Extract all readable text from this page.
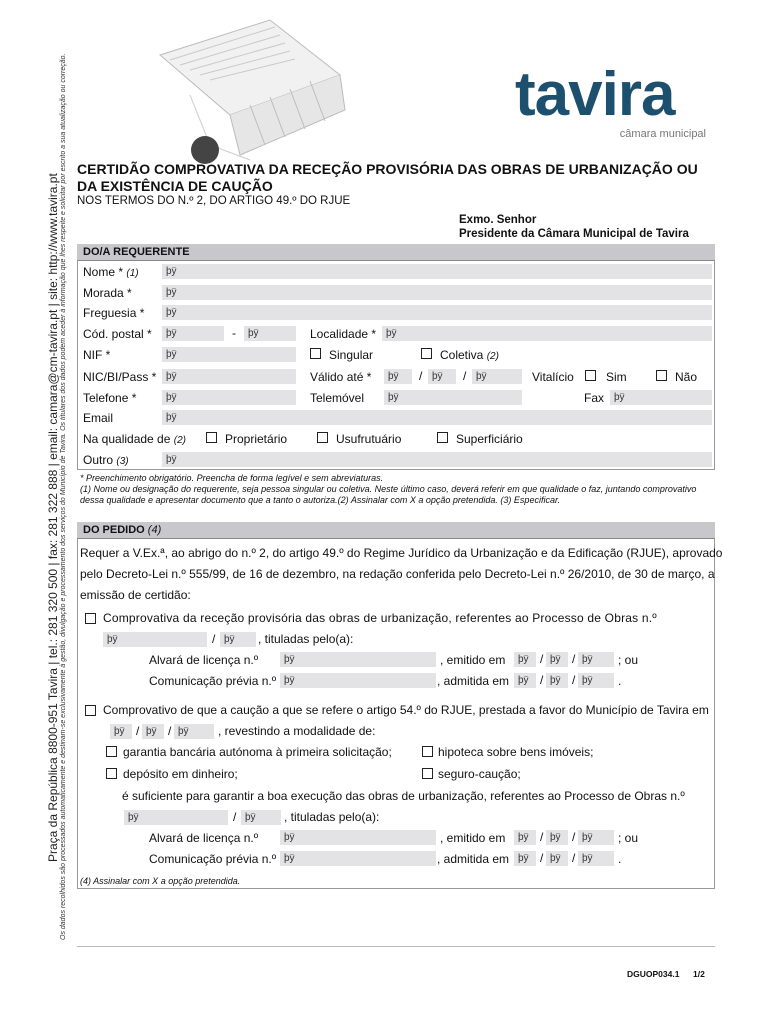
Praça da República 8800-951 Tavira | tel.: 281 320 500 | fax: 281 322 888 | email: camara@cm-tavira.pt | site: http://www.tavira.pt Os dados recolhidos são processados automaticamente e destinam-se exclusivamente à gestão, divulgação e processamento dos serviços do Município de Tavira. Os titulares dos dados podem aceder à informação que lhes respeite e solicitar por escrito a sua atualização ou correção.	tavira
câmara municipal
CERTIDÃO COMPROVATIVA DA RECEÇÃO PROVISÓRIA DAS OBRAS DE URBANIZAÇÃO OU
DA EXISTÊNCIA DE CAUÇÃO
NOS TERMOS DO N.º 2, DO ARTIGO 49.º DO RJUE
Exmo. Senhor
Presidente da Câmara Municipal de Tavira
DO/A REQUERENTE
Nome * (1)	þÿ
Morada *	þÿ
Freguesia *	þÿ
Cód. postal *	þÿ	-	þÿ	Localidade * þÿ
NIF *	þÿ	Singular	Coletiva (2)
NIC/BI/Pass * þÿ	Válido até *	þÿ	/ þÿ	/ þÿ	Vitalício	Sim	Não
Telefone *	þÿ	Telemóvel	þÿ	Fax þÿ
Email	þÿ
Na qualidade de (2)	Proprietário	Usufrutuário	Superficiário
Outro (3)	þÿ
* Preenchimento obrigatório. Preencha de forma legível e sem abreviaturas.
(1) Nome ou designação do requerente, seja pessoa singular ou coletiva. Neste último caso, deverá referir em que qualidade o faz, juntando comprovativo
dessa qualidade e apresentar documento que a tanto o autoriza.(2) Assinalar com X a opção pretendida. (3) Especificar.
DO PEDIDO (4)
Requer a V.Ex.ª, ao abrigo do n.º 2, do artigo 49.º do Regime Jurídico da Urbanização e da Edificação (RJUE), aprovado
pelo Decreto-Lei n.º 555/99, de 16 de dezembro, na redação conferida pelo Decreto-Lei n.º 26/2010, de 30 de março, a
emissão de certidão:
Comprovativa da receção provisória das obras de urbanização, referentes ao Processo de Obras n.º
þÿ	/ þÿ	, tituladas pelo(a):
Alvará de licença n.º	þÿ	, emitido em	þÿ / þÿ / þÿ	; ou
Comunicação prévia n.º þÿ	, admitida em þÿ / þÿ / þÿ	.
Comprovativo de que a caução a que se refere o artigo 54.º do RJUE, prestada a favor do Município de Tavira em
þÿ / þÿ / þÿ	, revestindo a modalidade de:
garantia bancária autónoma à primeira solicitação;	hipoteca sobre bens imóveis;
depósito em dinheiro;	seguro-caução;
é suficiente para garantir a boa execução das obras de urbanização, referentes ao Processo de Obras n.º
þÿ	/ þÿ	, tituladas pelo(a):
Alvará de licença n.º	þÿ	, emitido em	þÿ / þÿ / þÿ	; ou
Comunicação prévia n.º þÿ	, admitida em þÿ / þÿ / þÿ	.
(4) Assinalar com X a opção pretendida.
DGUOP034.1 1/2
